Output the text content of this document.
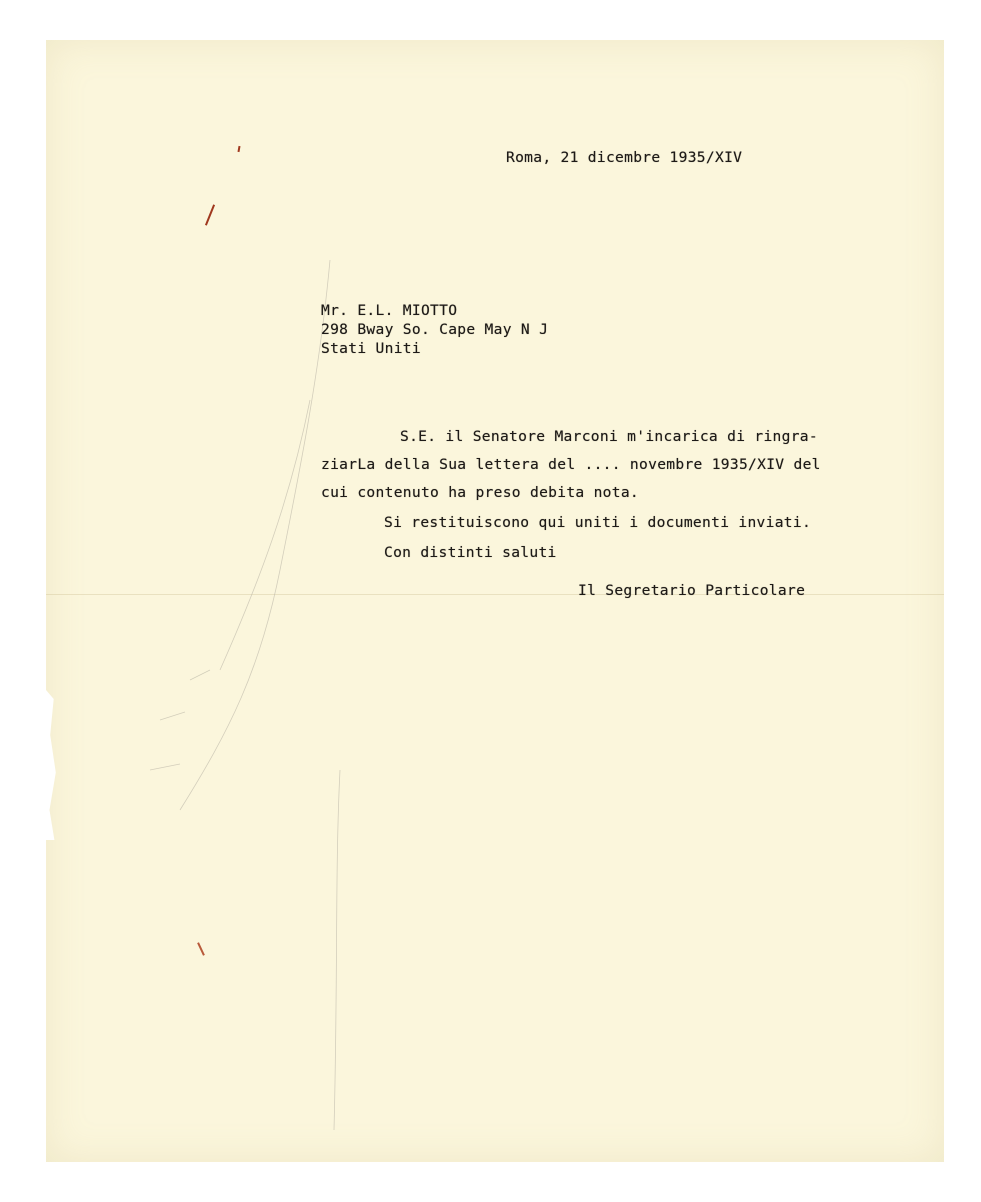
Roma, 21 dicembre 1935/XIV
Mr. E.L. MIOTTO
298 Bway So. Cape May N J
Stati Uniti
S.E. il Senatore Marconi m'incarica di ringra-
ziarLa della Sua lettera del .... novembre 1935/XIV del
cui contenuto ha preso debita nota.
Si restituiscono qui uniti i documenti inviati.
Con distinti saluti
Il Segretario Particolare
